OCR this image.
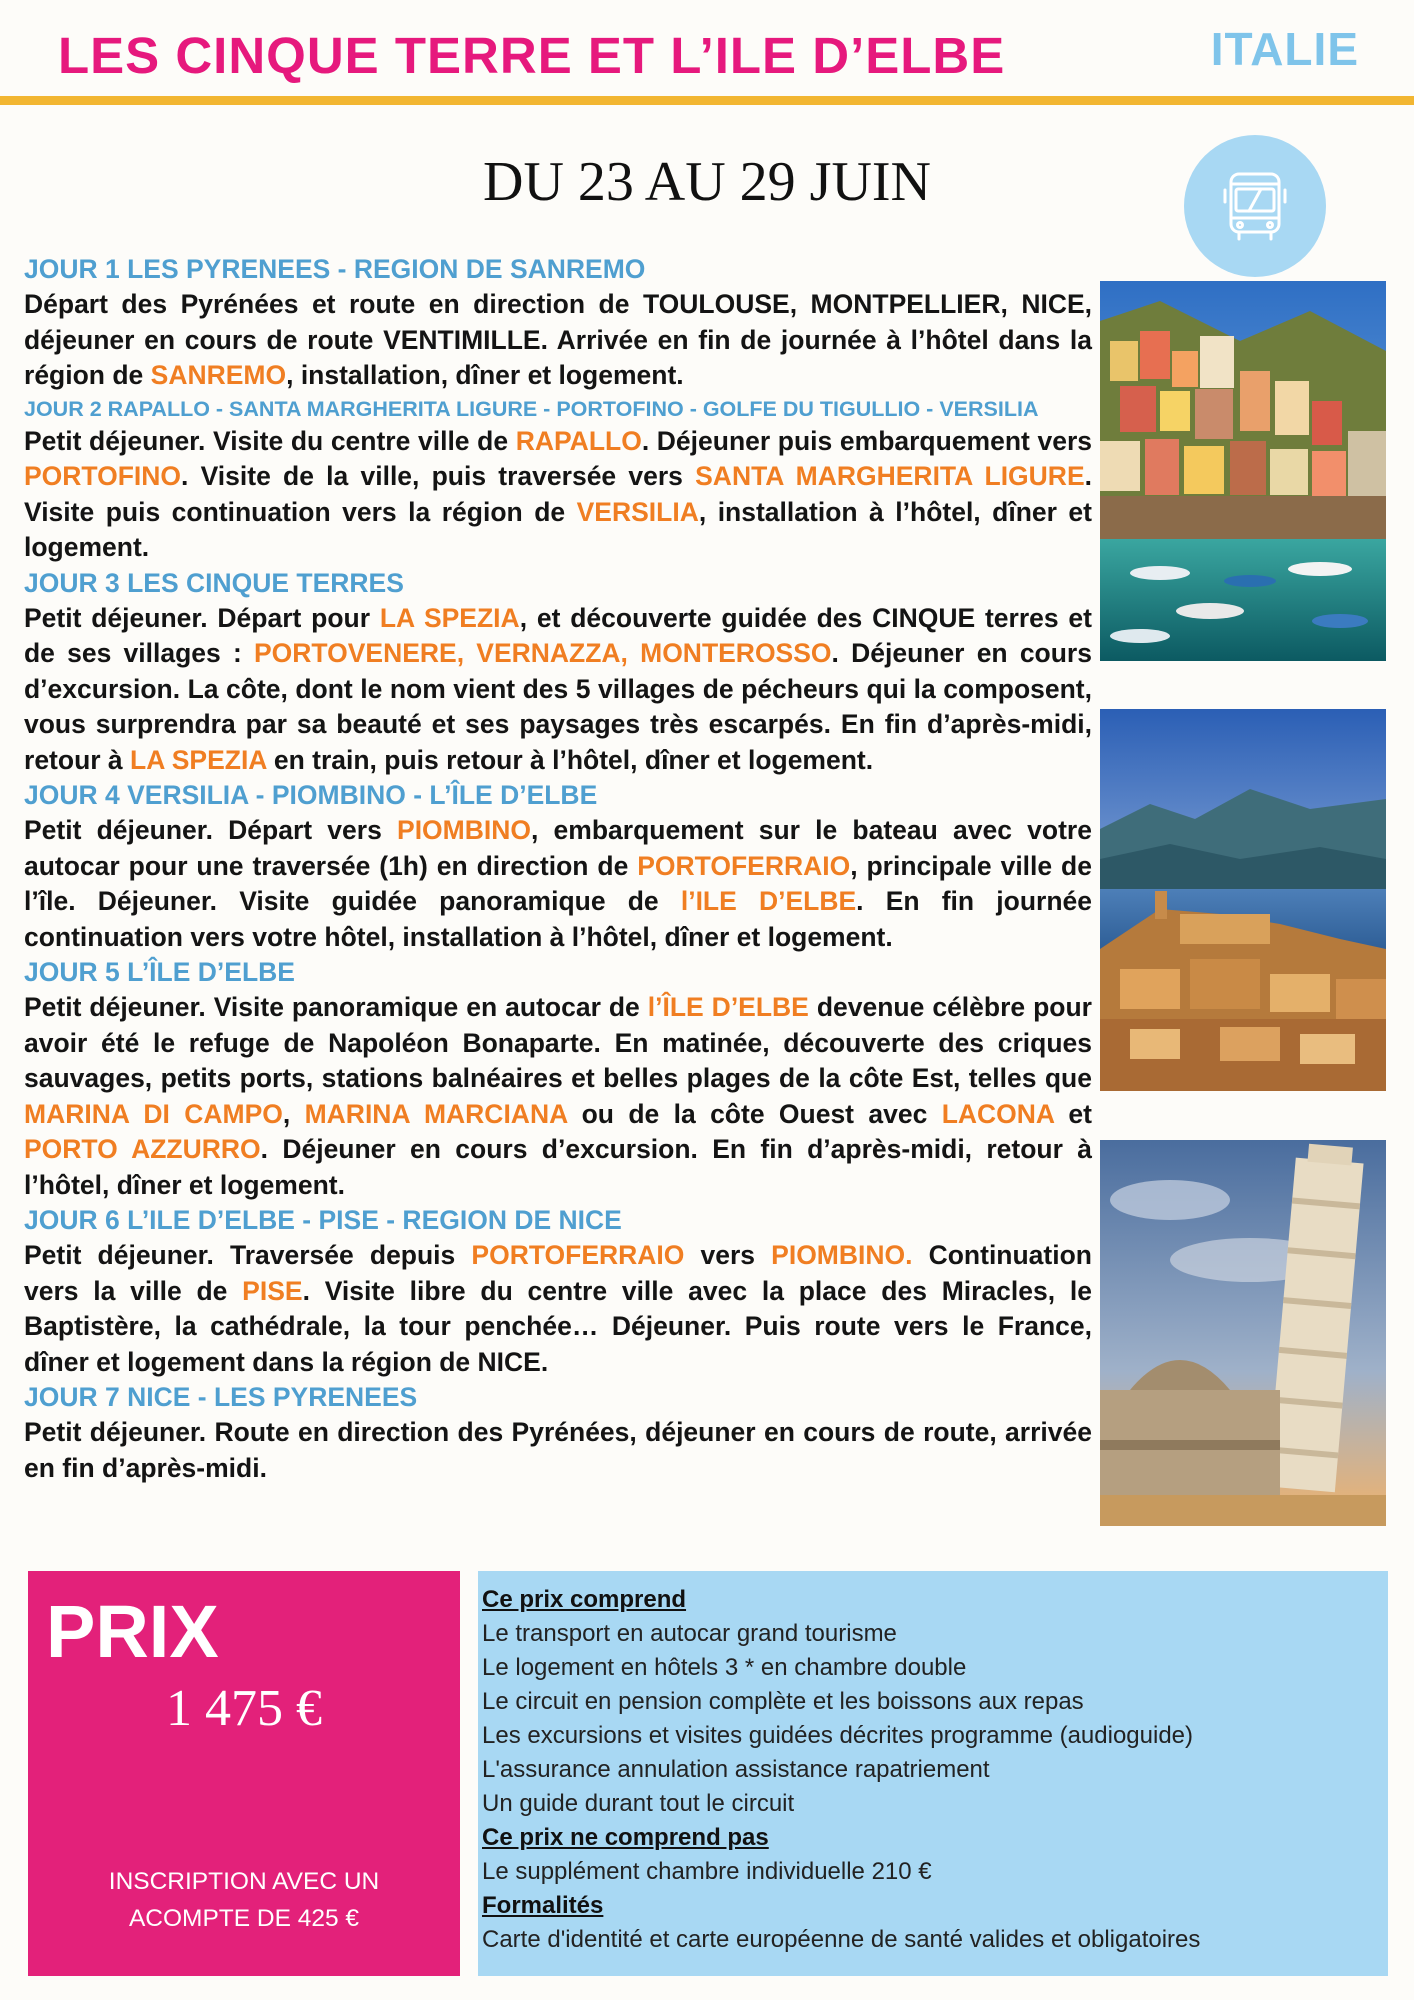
LES CINQUE TERRE ET L’ILE D’ELBE	ITALIE
DU 23 AU 29 JUIN
JOUR 1 LES PYRENEES - REGION DE SANREMO
Départ des Pyrénées et route en direction de TOULOUSE, MONTPELLIER, NICE, déjeuner en cours de route VENTIMILLE. Arrivée en fin de journée à l’hôtel dans la région de SANREMO, installation, dîner et logement.
JOUR 2 RAPALLO - SANTA MARGHERITA LIGURE - PORTOFINO - GOLFE DU TIGULLIO - VERSILIA
Petit déjeuner. Visite du centre ville de RAPALLO. Déjeuner puis embarquement vers PORTOFINO. Visite de la ville, puis traversée vers SANTA MARGHERITA LIGURE. Visite puis continuation vers la région de VERSILIA, installation à l’hôtel, dîner et logement.
JOUR 3 LES CINQUE TERRES
Petit déjeuner. Départ pour LA SPEZIA, et découverte guidée des CINQUE terres et de ses villages : PORTOVENERE, VERNAZZA, MONTEROSSO. Déjeuner en cours d’excursion. La côte, dont le nom vient des 5 villages de pécheurs qui la composent, vous surprendra par sa beauté et ses paysages très escarpés. En fin d’après-midi, retour à LA SPEZIA en train, puis retour à l’hôtel, dîner et logement.
JOUR 4 VERSILIA - PIOMBINO - L’ÎLE D’ELBE
Petit déjeuner. Départ vers PIOMBINO, embarquement sur le bateau avec votre autocar pour une traversée (1h) en direction de PORTOFERRAIO, principale ville de l’île. Déjeuner. Visite guidée panoramique de l’ILE D’ELBE. En fin journée continuation vers votre hôtel, installation à l’hôtel, dîner et logement.
JOUR 5 L’ÎLE D’ELBE
Petit déjeuner. Visite panoramique en autocar de l’ÎLE D’ELBE devenue célèbre pour avoir été le refuge de Napoléon Bonaparte. En matinée, découverte des criques sauvages, petits ports, stations balnéaires et belles plages de la côte Est, telles que MARINA DI CAMPO, MARINA MARCIANA ou de la côte Ouest avec LACONA et PORTO AZZURRO. Déjeuner en cours d’excursion. En fin d’après-midi, retour à l’hôtel, dîner et logement.
JOUR 6 L’ILE D’ELBE - PISE - REGION DE NICE
Petit déjeuner. Traversée depuis PORTOFERRAIO vers PIOMBINO. Continuation vers la ville de PISE. Visite libre du centre ville avec la place des Miracles, le Baptistère, la cathédrale, la tour penchée… Déjeuner. Puis route vers le France, dîner et logement dans la région de NICE.
JOUR 7 NICE - LES PYRENEES
Petit déjeuner. Route en direction des Pyrénées, déjeuner en cours de route, arrivée en fin d’après-midi.
PRIX
1 475 €
INSCRIPTION AVEC UN
ACOMPTE DE 425 €
Ce prix comprend
Le transport en autocar grand tourisme
Le logement en hôtels 3 * en chambre double
Le circuit en pension complète et les boissons aux repas
Les excursions et visites guidées décrites programme (audioguide)
L'assurance annulation assistance rapatriement
Un guide durant tout le circuit
Ce prix ne comprend pas
Le supplément chambre individuelle 210 €
Formalités
Carte d'identité et carte européenne de santé valides et obligatoires
